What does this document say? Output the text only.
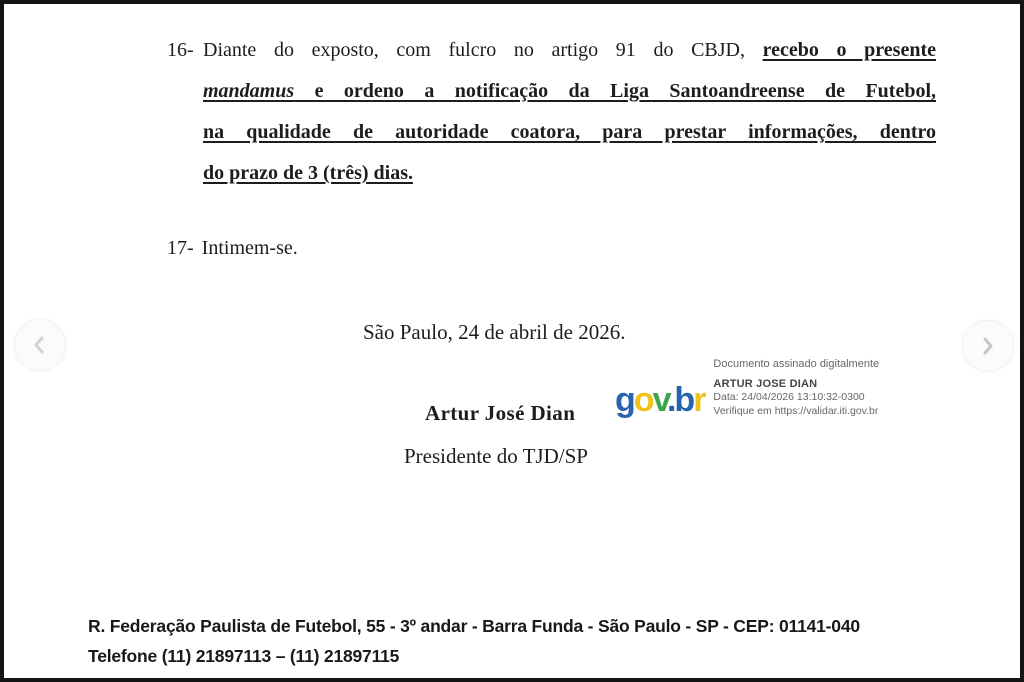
16- Diante do exposto, com fulcro no artigo 91 do CBJD, recebo o presente
mandamus e ordeno a notificação da Liga Santoandreense de Futebol,
na qualidade de autoridade coatora, para prestar informações, dentro
do prazo de 3 (três) dias.
17- Intimem-se.
São Paulo, 24 de abril de 2026.
Artur José Dian
Presidente do TJD/SP
gov.br
Documento assinado digitalmente
ARTUR JOSE DIAN
Data: 24/04/2026 13:10:32-0300
Verifique em https://validar.iti.gov.br
R. Federação Paulista de Futebol, 55 - 3º andar - Barra Funda - São Paulo - SP - CEP: 01141-040
Telefone (11) 21897113 – (11) 21897115
